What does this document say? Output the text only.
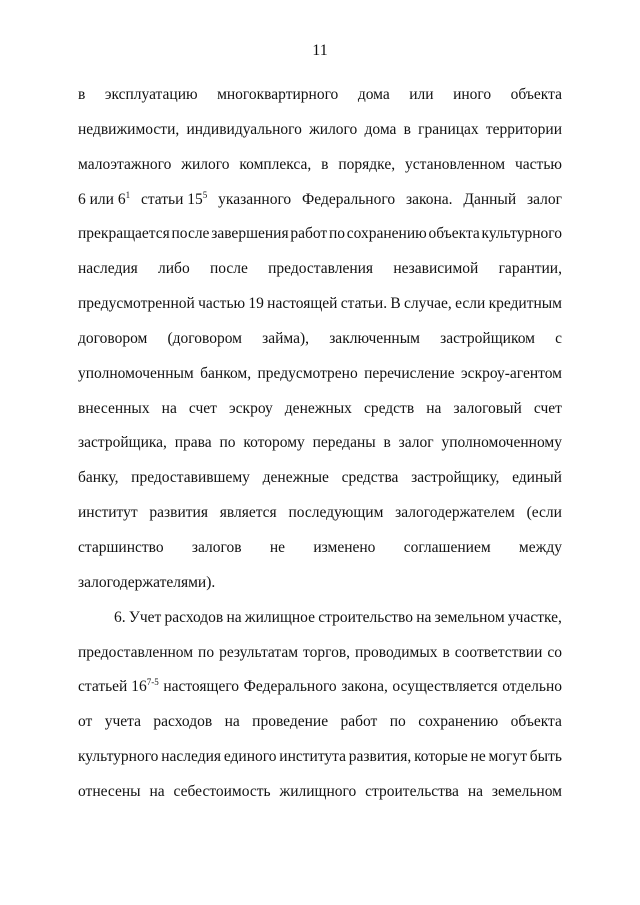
11
в эксплуатацию многоквартирного дома или иного объекта
недвижимости, индивидуального жилого дома в границах территории
малоэтажного жилого комплекса, в порядке, установленном частью
6 или $6^1$ статьи $15^5$ указанного Федерального закона. Данный залог
прекращается после завершения работ по сохранению объекта культурного
наследия либо после предоставления независимой гарантии,
предусмотренной частью 19 настоящей статьи. В случае, если кредитным
договором (договором займа), заключенным застройщиком с
уполномоченным банком, предусмотрено перечисление эскроу-агентом
внесенных на счет эскроу денежных средств на залоговый счет
застройщика, права по которому переданы в залог уполномоченному
банку, предоставившему денежные средства застройщику, единый
институт развития является последующим залогодержателем (если
старшинство залогов не изменено соглашением между
залогодержателями).
6. Учет расходов на жилищное строительство на земельном участке,
предоставленном по результатам торгов, проводимых в соответствии со
статьей 16$^{7-5}$ настоящего Федерального закона, осуществляется отдельно
от учета расходов на проведение работ по сохранению объекта
культурного наследия единого института развития, которые не могут быть
отнесены на себестоимость жилищного строительства на земельном
